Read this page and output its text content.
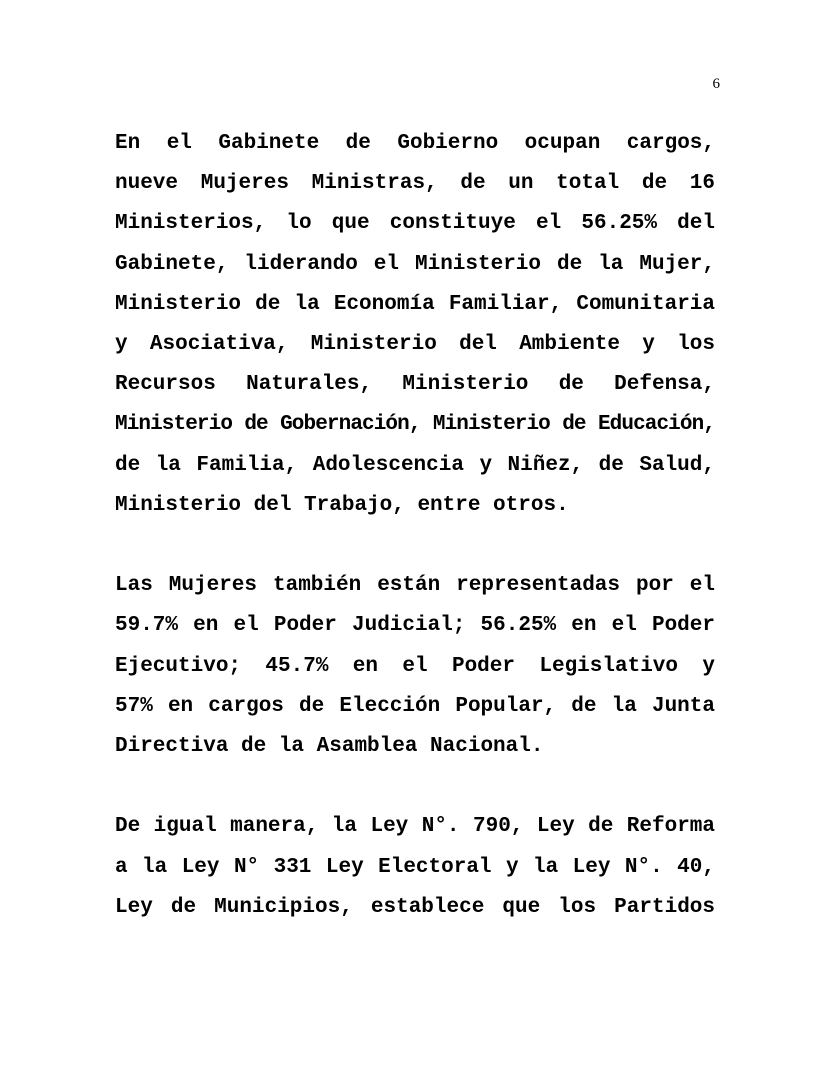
6

En el Gabinete de Gobierno ocupan cargos,
nueve Mujeres Ministras, de un total de 16
Ministerios, lo que constituye el 56.25% del
Gabinete, liderando el Ministerio de la Mujer,
Ministerio de la Economía Familiar, Comunitaria
y Asociativa, Ministerio del Ambiente y los
Recursos Naturales, Ministerio de Defensa,
Ministerio de Gobernación, Ministerio de Educación,
de la Familia, Adolescencia y Niñez, de Salud,
Ministerio del Trabajo, entre otros.

Las Mujeres también están representadas por el
59.7% en el Poder Judicial; 56.25% en el Poder
Ejecutivo; 45.7% en el Poder Legislativo y
57% en cargos de Elección Popular, de la Junta
Directiva de la Asamblea Nacional.

De igual manera, la Ley N°. 790, Ley de Reforma
a la Ley N° 331 Ley Electoral y la Ley N°. 40,
Ley de Municipios, establece que los Partidos
